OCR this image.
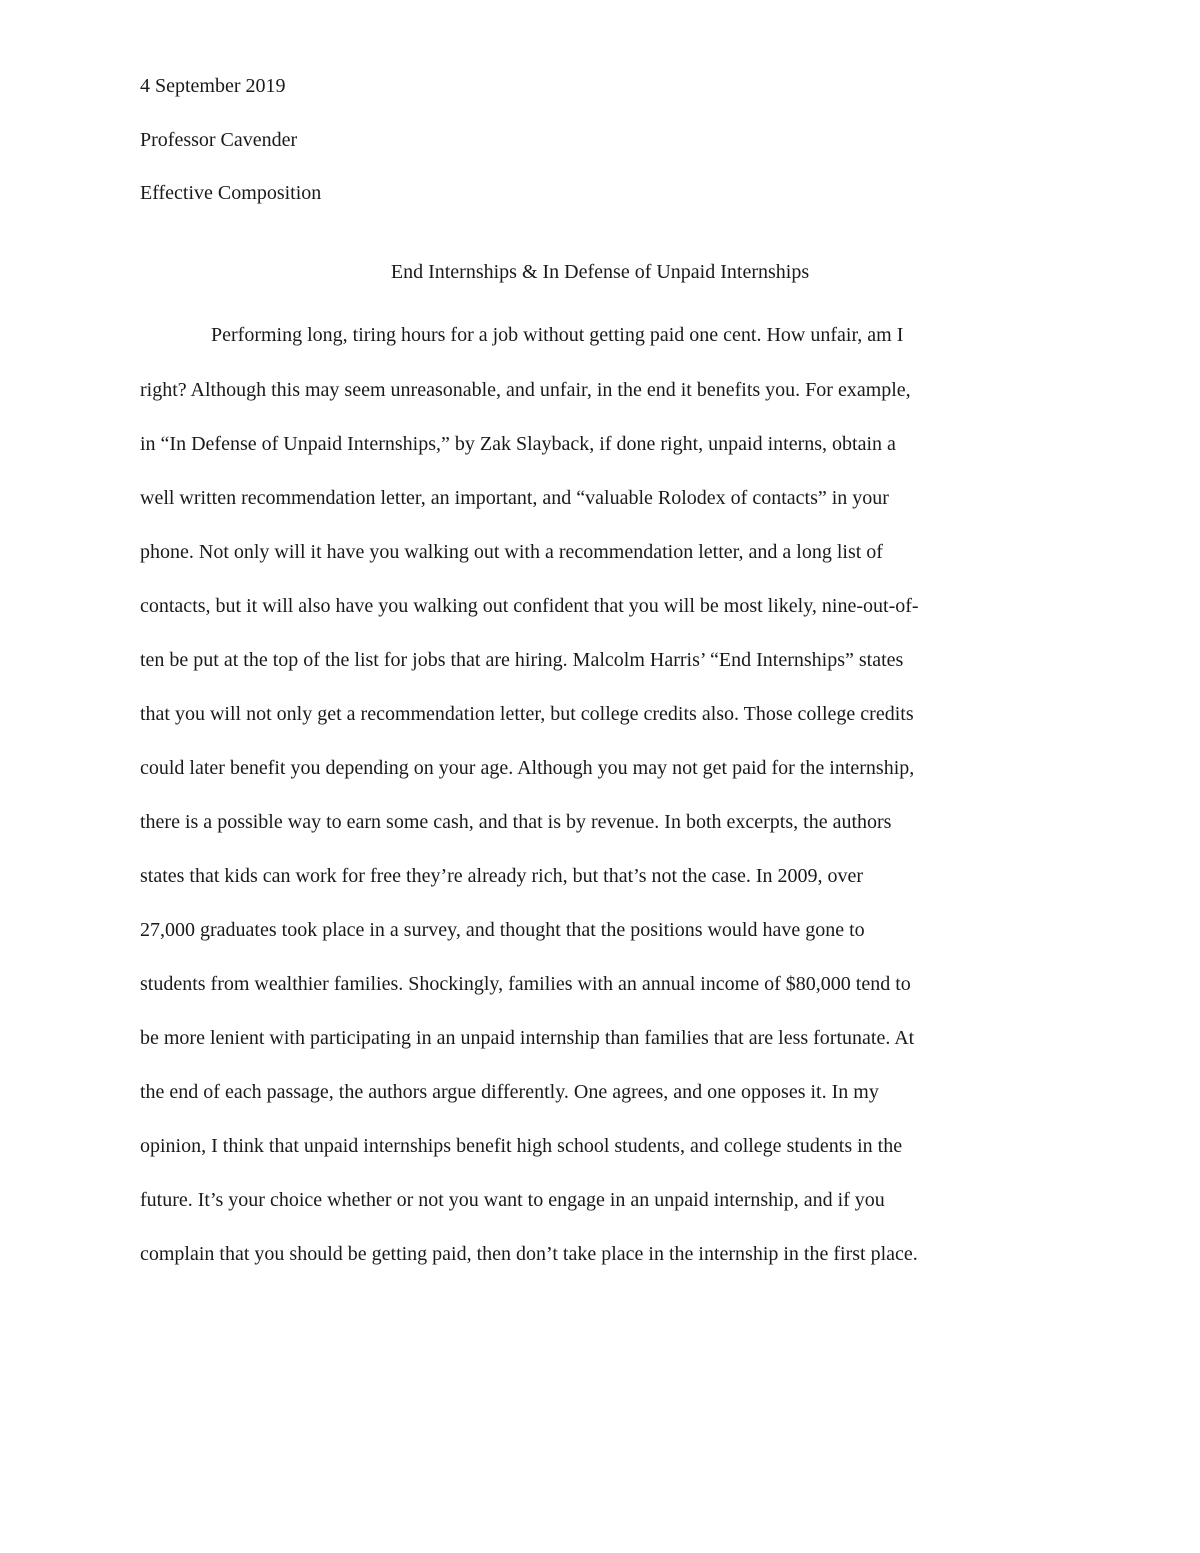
4 September 2019
Professor Cavender
Effective Composition
End Internships & In Defense of Unpaid Internships
Performing long, tiring hours for a job without getting paid one cent. How unfair, am I
right? Although this may seem unreasonable, and unfair, in the end it benefits you. For example,
in “In Defense of Unpaid Internships,” by Zak Slayback, if done right, unpaid interns, obtain a
well written recommendation letter, an important, and “valuable Rolodex of contacts” in your
phone. Not only will it have you walking out with a recommendation letter, and a long list of
contacts, but it will also have you walking out confident that you will be most likely, nine-out-of-
ten be put at the top of the list for jobs that are hiring. Malcolm Harris’ “End Internships” states
that you will not only get a recommendation letter, but college credits also. Those college credits
could later benefit you depending on your age. Although you may not get paid for the internship,
there is a possible way to earn some cash, and that is by revenue. In both excerpts, the authors
states that kids can work for free they’re already rich, but that’s not the case. In 2009, over
27,000 graduates took place in a survey, and thought that the positions would have gone to
students from wealthier families. Shockingly, families with an annual income of $80,000 tend to
be more lenient with participating in an unpaid internship than families that are less fortunate. At
the end of each passage, the authors argue differently. One agrees, and one opposes it. In my
opinion, I think that unpaid internships benefit high school students, and college students in the
future. It’s your choice whether or not you want to engage in an unpaid internship, and if you
complain that you should be getting paid, then don’t take place in the internship in the first place.
